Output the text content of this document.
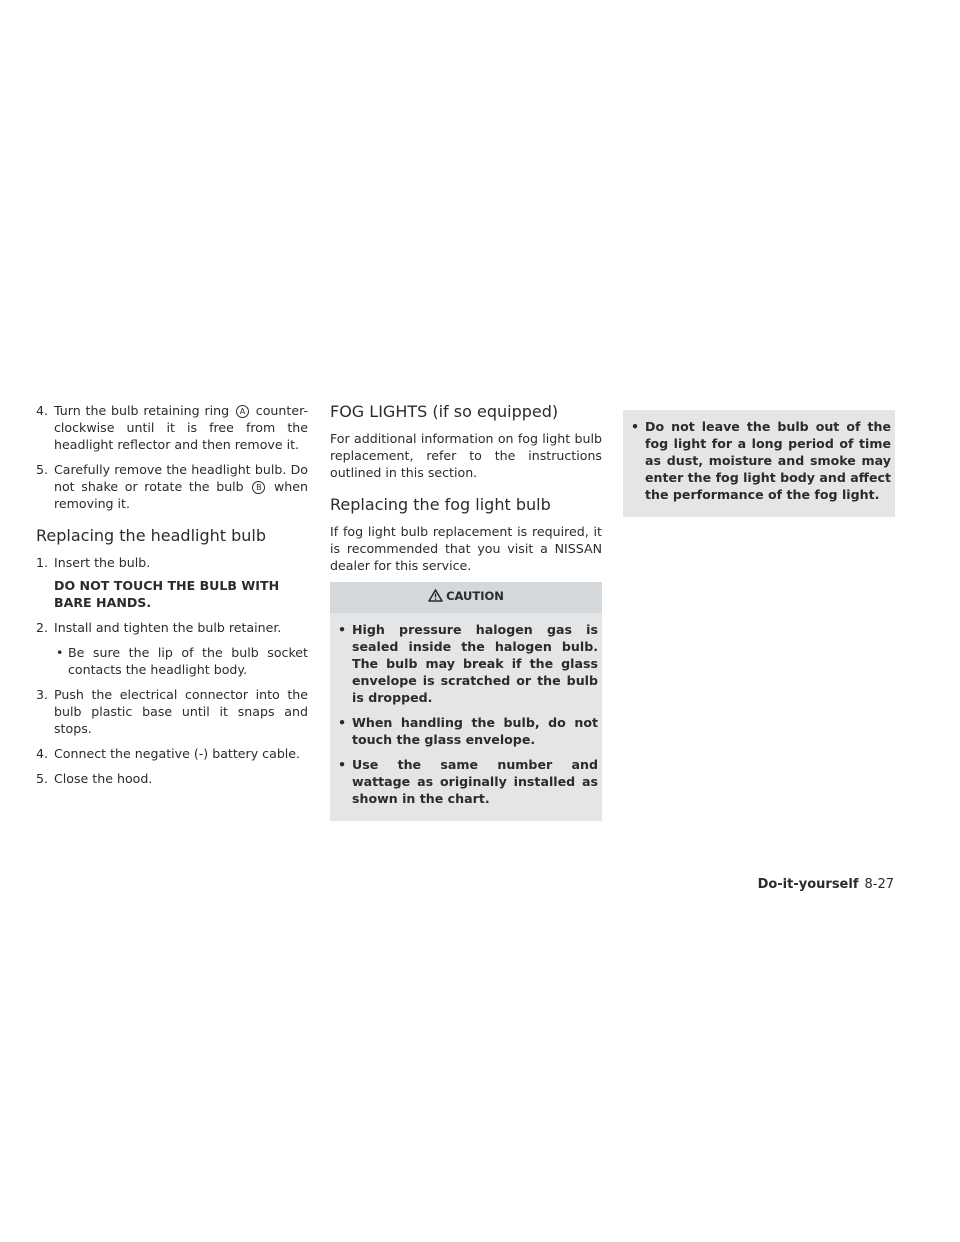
4. Turn the bulb retaining ring A counter-clockwise until it is free from the headlight reflector and then remove it.
5. Carefully remove the headlight bulb. Do not shake or rotate the bulb B when removing it.
Replacing the headlight bulb
1. Insert the bulb.
DO NOT TOUCH THE BULB WITH BARE HANDS.
2. Install and tighten the bulb retainer.
• Be sure the lip of the bulb socket contacts the headlight body.
3. Push the electrical connector into the bulb plastic base until it snaps and stops.
4. Connect the negative (-) battery cable.
5. Close the hood.
FOG LIGHTS (if so equipped)

For additional information on fog light bulb replacement, refer to the instructions outlined in this section.

Replacing the fog light bulb

If fog light bulb replacement is required, it is recommended that you visit a NISSAN dealer for this service.

CAUTION
• High pressure halogen gas is sealed inside the halogen bulb. The bulb may break if the glass envelope is scratched or the bulb is dropped.
• When handling the bulb, do not touch the glass envelope.
• Use the same number and wattage as originally installed as shown in the chart.
• Do not leave the bulb out of the fog light for a long period of time as dust, moisture and smoke may enter the fog light body and affect the performance of the fog light.
Do-it-yourself 8-27
